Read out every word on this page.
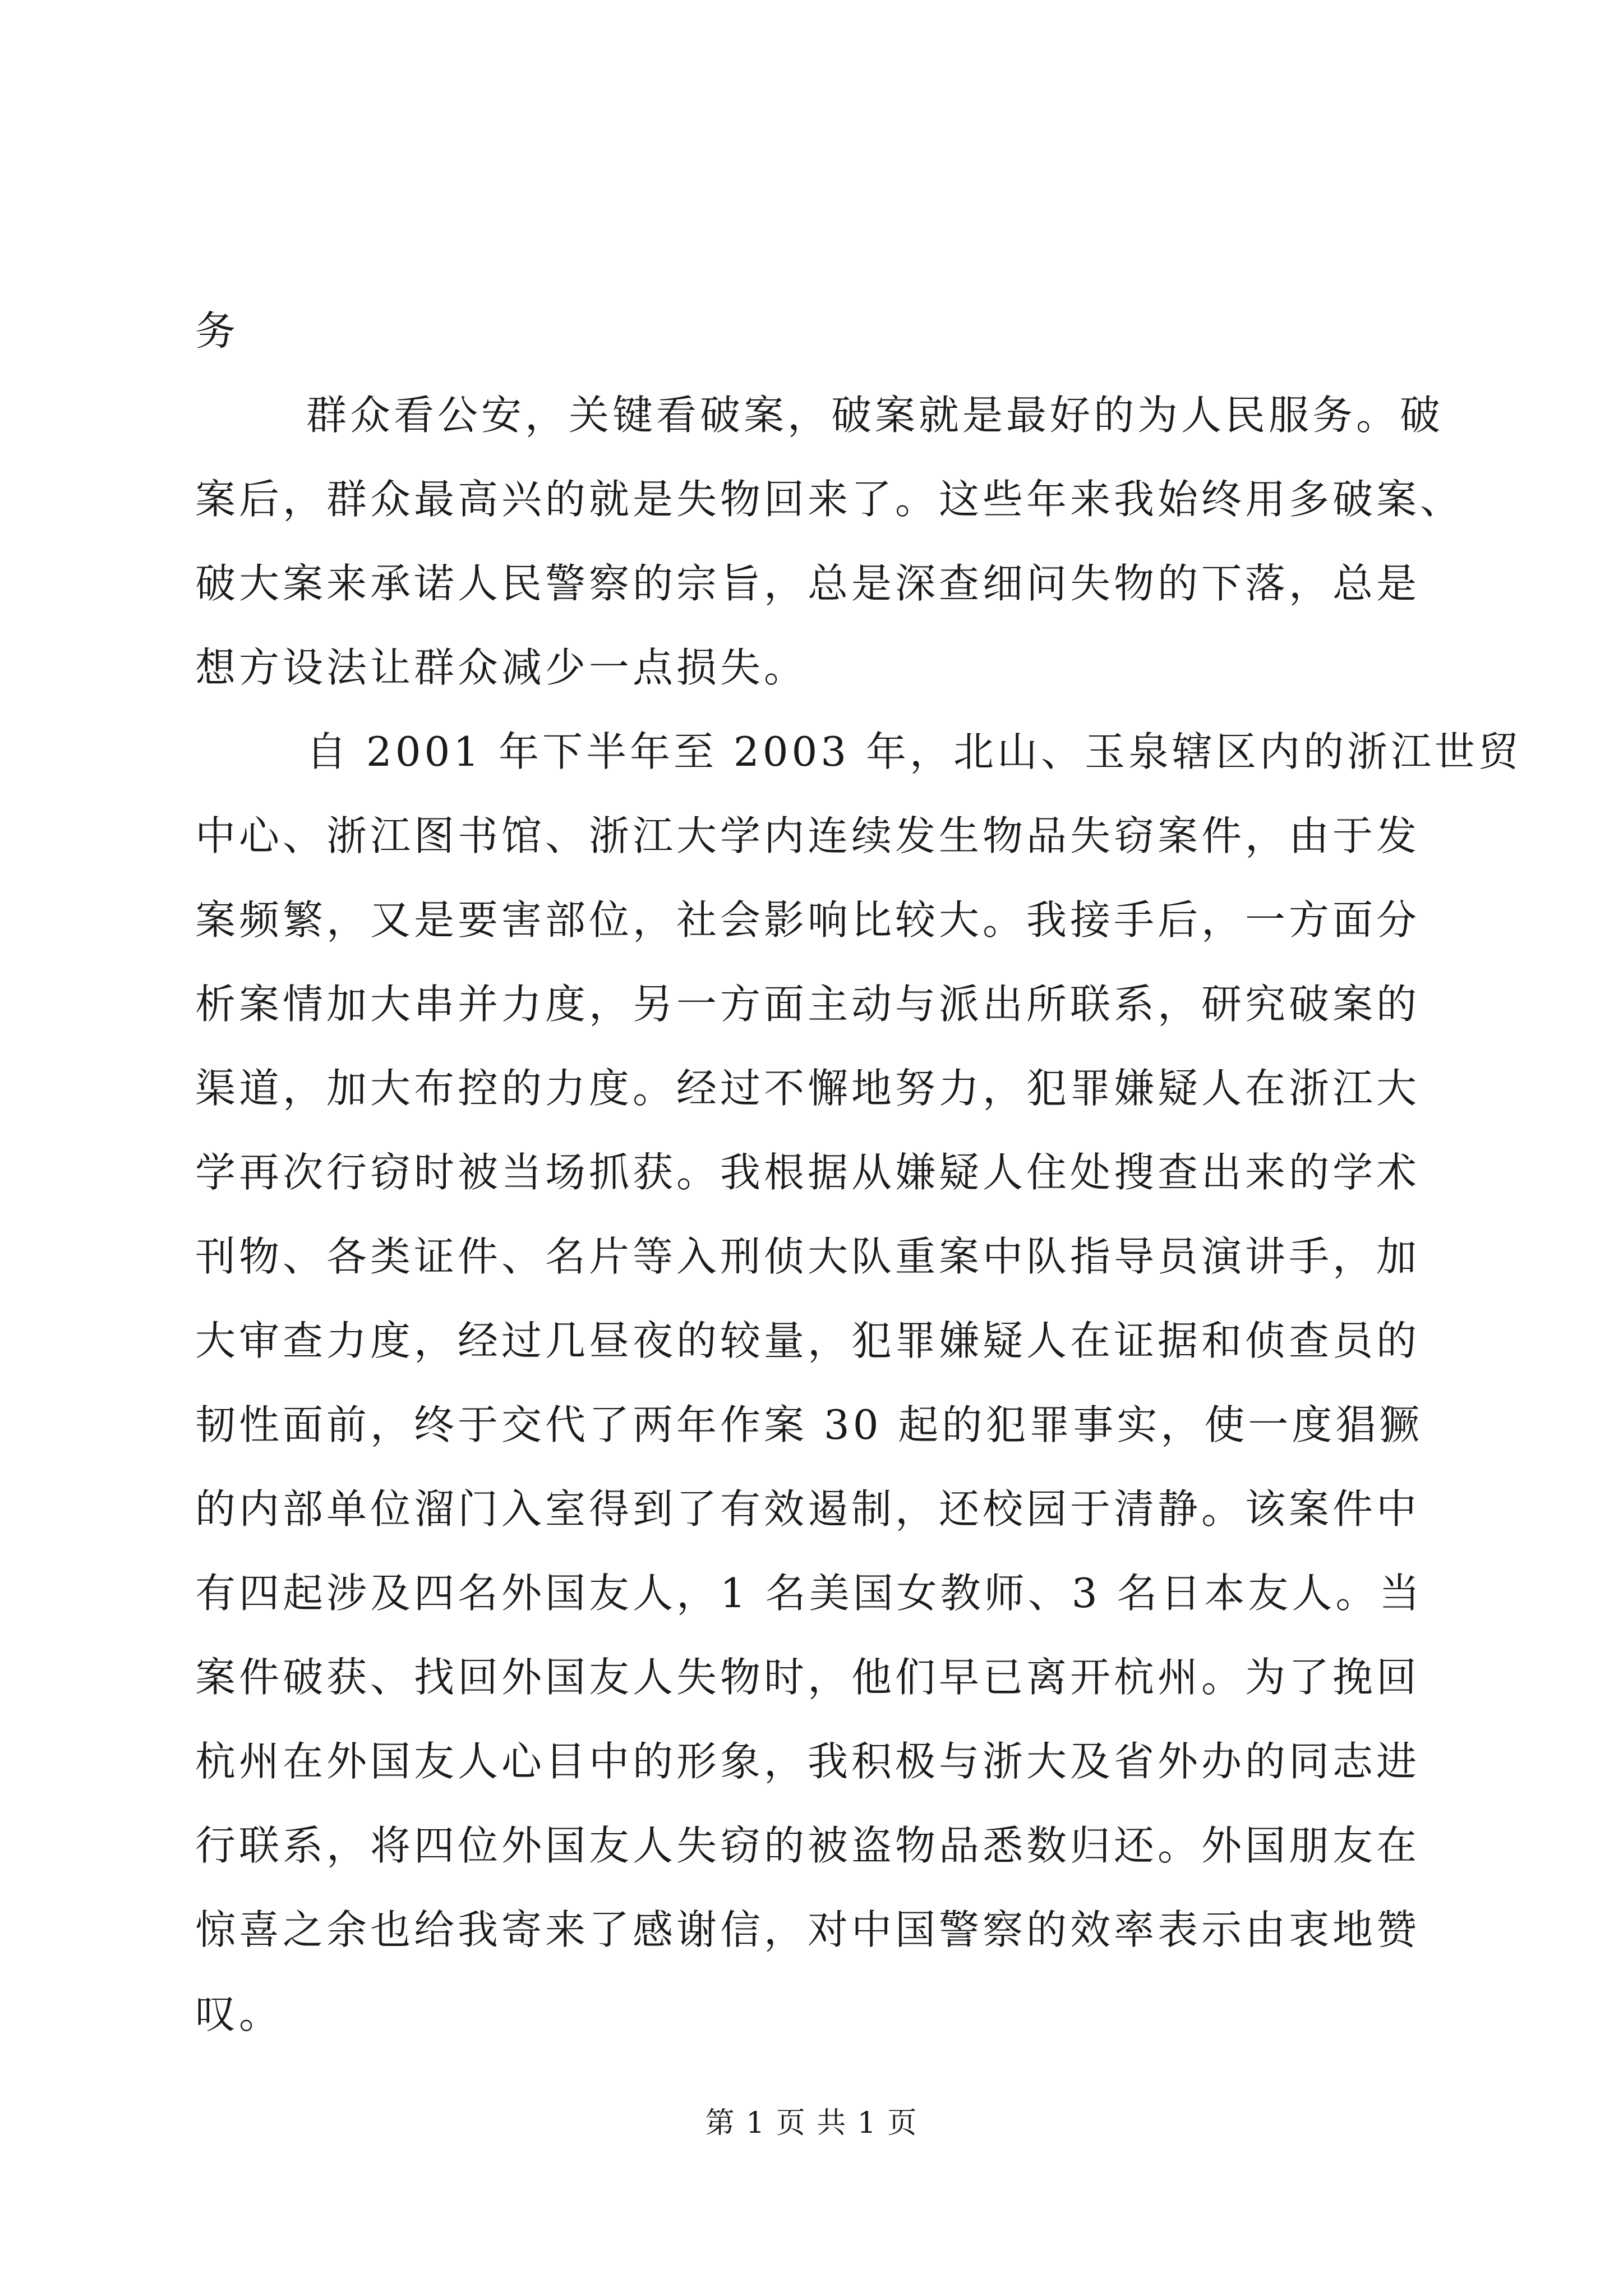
务
群众看公安，关键看破案，破案就是最好的为人民服务。破
案后，群众最高兴的就是失物回来了。这些年来我始终用多破案、
破大案来承诺人民警察的宗旨，总是深查细问失物的下落，总是
想方设法让群众减少一点损失。
自 2001 年下半年至 2003 年，北山、玉泉辖区内的浙江世贸
中心、浙江图书馆、浙江大学内连续发生物品失窃案件，由于发
案频繁，又是要害部位，社会影响比较大。我接手后，一方面分
析案情加大串并力度，另一方面主动与派出所联系，研究破案的
渠道，加大布控的力度。经过不懈地努力，犯罪嫌疑人在浙江大
学再次行窃时被当场抓获。我根据从嫌疑人住处搜查出来的学术
刊物、各类证件、名片等入刑侦大队重案中队指导员演讲手，加
大审查力度，经过几昼夜的较量，犯罪嫌疑人在证据和侦查员的
韧性面前，终于交代了两年作案 30 起的犯罪事实，使一度猖獗
的内部单位溜门入室得到了有效遏制，还校园于清静。该案件中
有四起涉及四名外国友人，1 名美国女教师、3 名日本友人。当
案件破获、找回外国友人失物时，他们早已离开杭州。为了挽回
杭州在外国友人心目中的形象，我积极与浙大及省外办的同志进
行联系，将四位外国友人失窃的被盗物品悉数归还。外国朋友在
惊喜之余也给我寄来了感谢信，对中国警察的效率表示由衷地赞
叹。
第 1 页 共 1 页
